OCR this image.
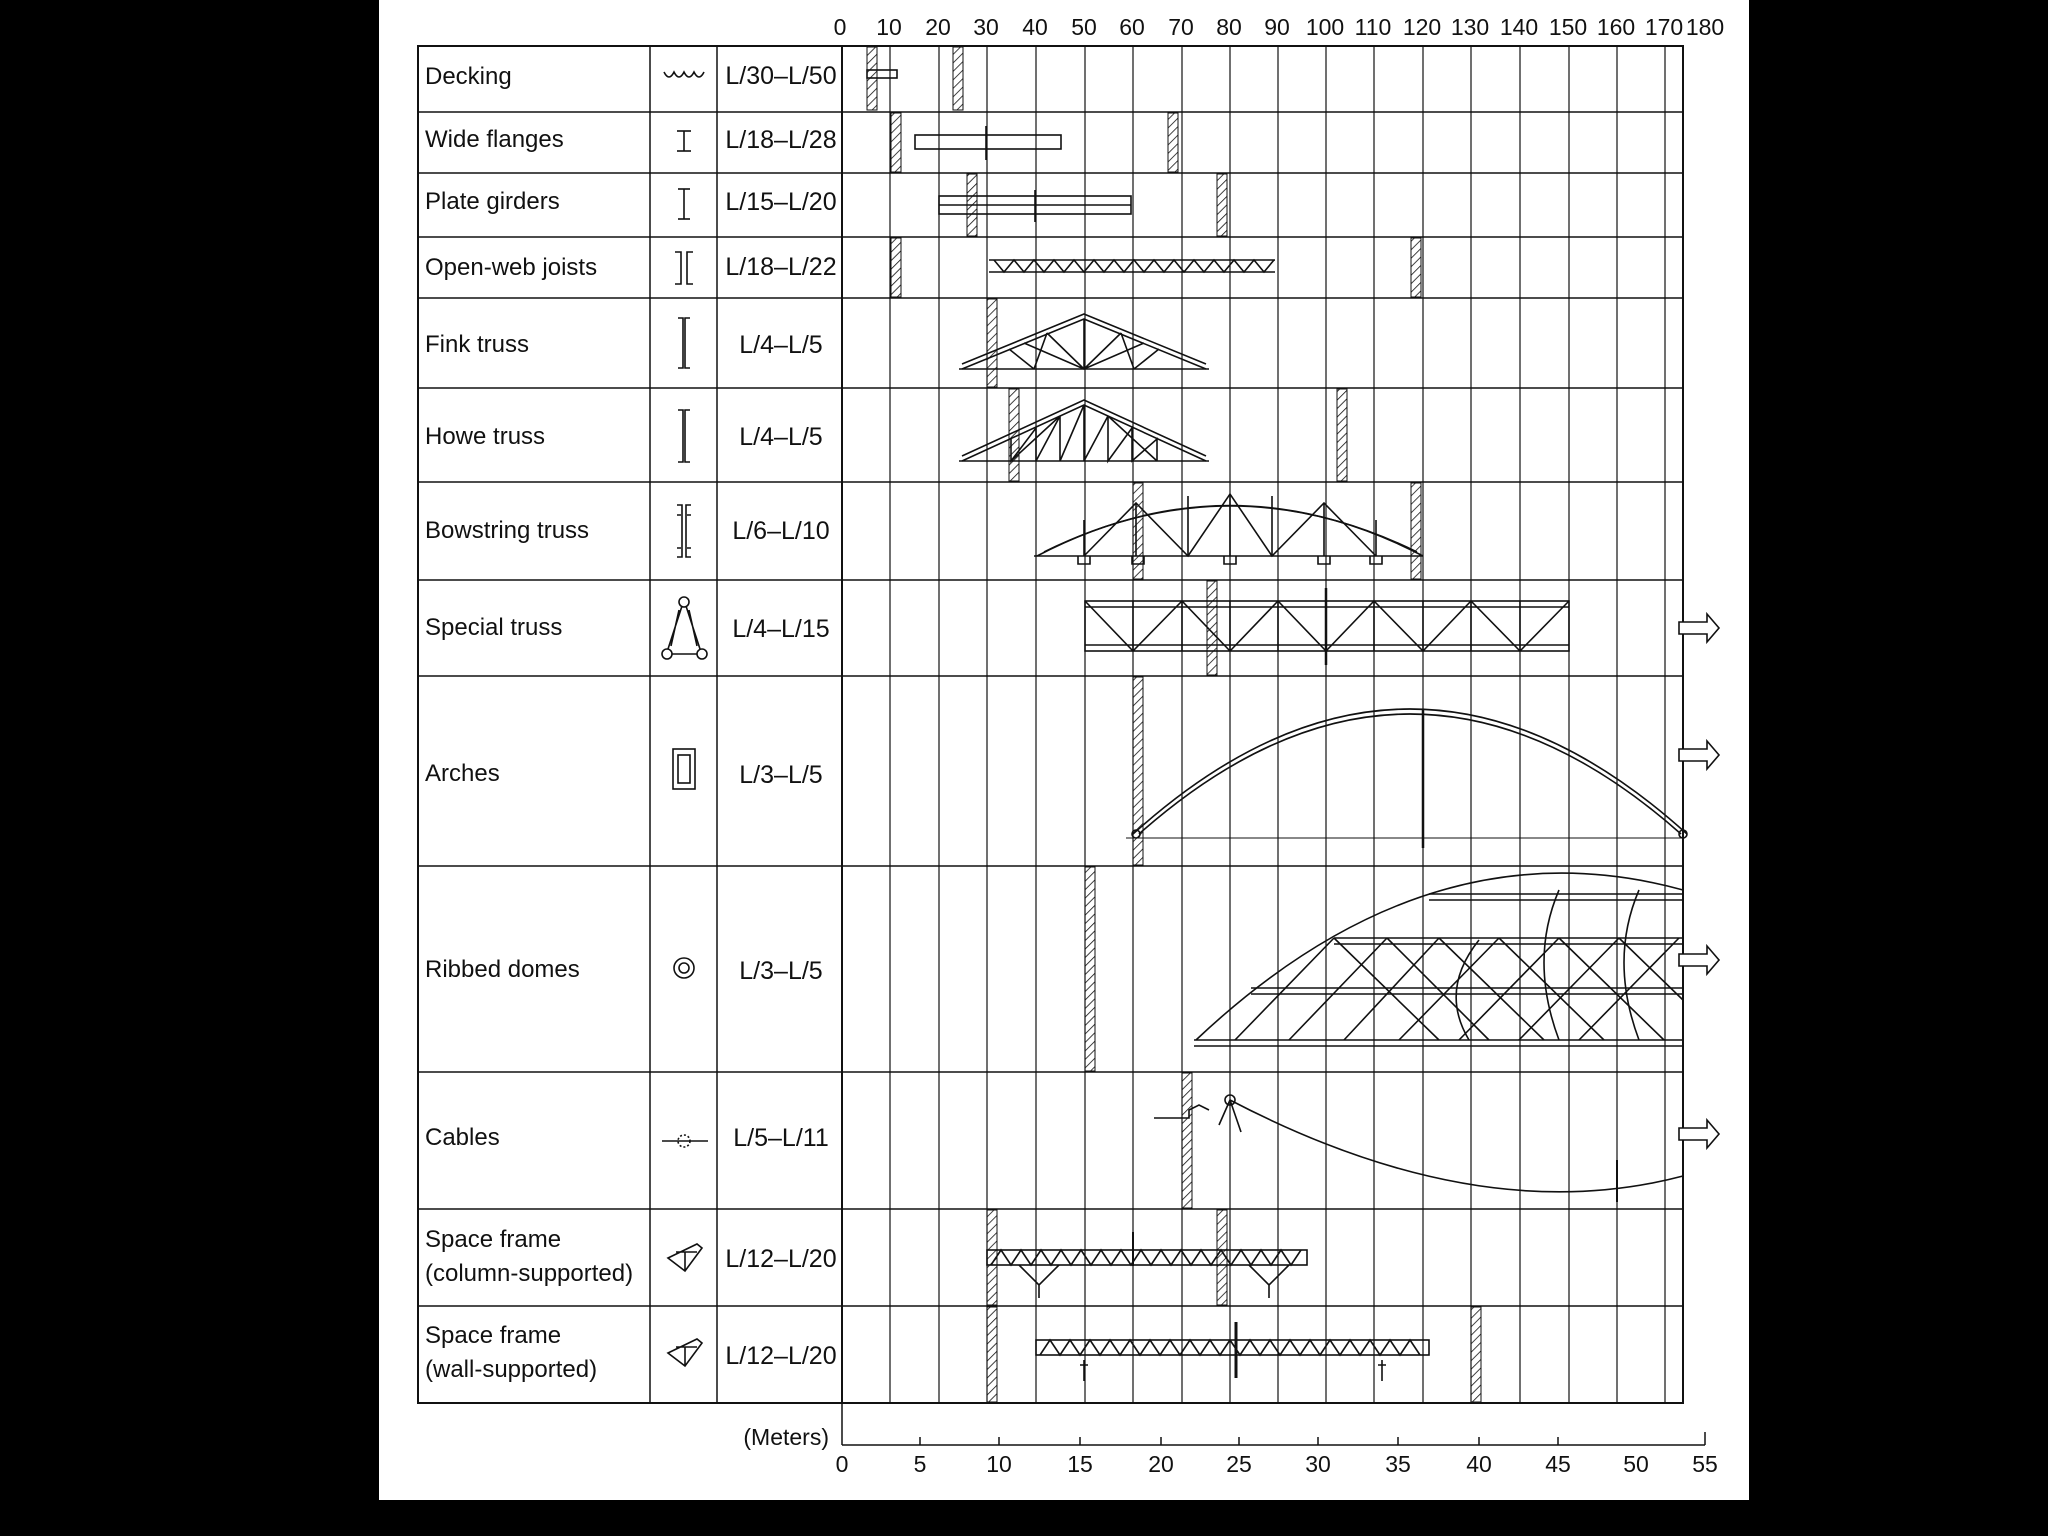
0 10 20 30 40 50 60 70 80 90 100 110 120 130 140 150 160 170 180
Decking
Wide flanges
Plate girders
Open-web joists
Fink truss
Howe truss
Bowstring truss
Special truss
Arches
Ribbed domes
Cables
Space frame
(column-supported)
Space frame
(wall-supported)
L/30–L/50
L/18–L/28
L/15–L/20
L/18–L/22
L/4–L/5
L/4–L/5
L/6–L/10
L/4–L/15
L/3–L/5
L/3–L/5
L/5–L/11
L/12–L/20
L/12–L/20
(Meters)
0	5	10 15 20 25 30 35 40 45 50 55
